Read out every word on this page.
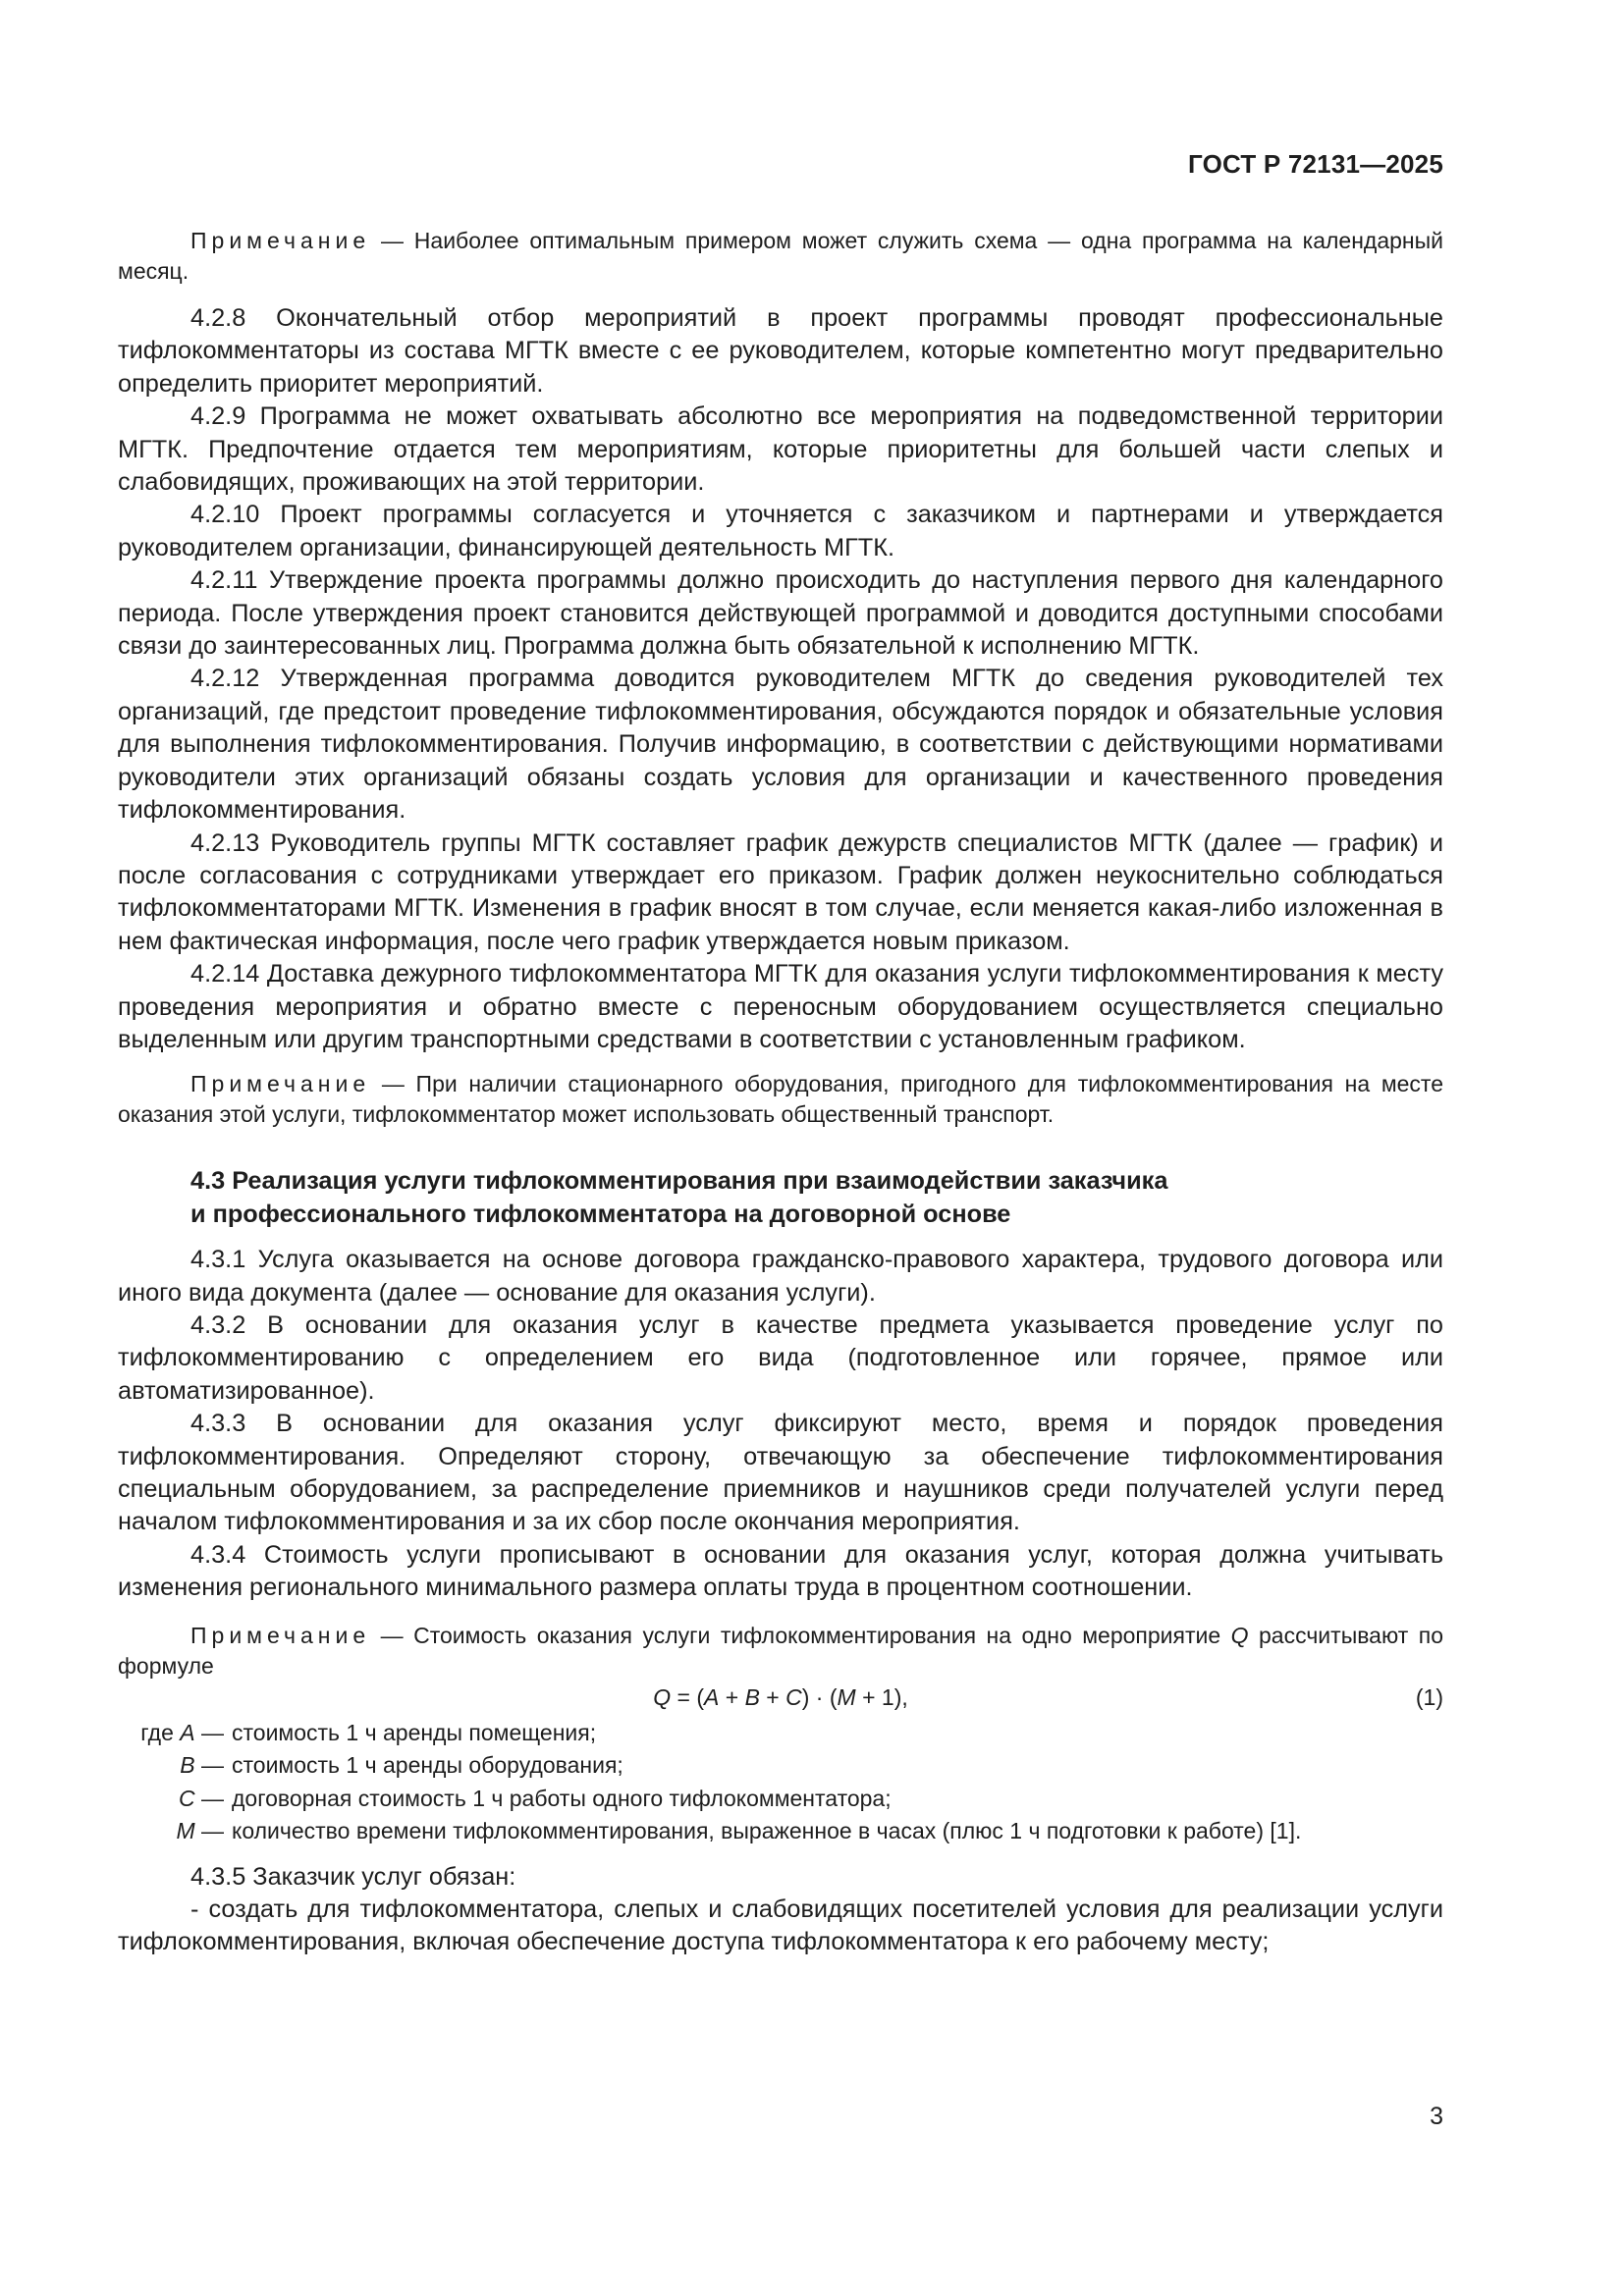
ГОСТ Р 72131—2025

Примечание — Наиболее оптимальным примером может служить схема — одна программа на календарный месяц.

4.2.8 Окончательный отбор мероприятий в проект программы проводят профессиональные тифлокомментаторы из состава МГТК вместе с ее руководителем, которые компетентно могут предварительно определить приоритет мероприятий.

4.2.9 Программа не может охватывать абсолютно все мероприятия на подведомственной территории МГТК. Предпочтение отдается тем мероприятиям, которые приоритетны для большей части слепых и слабовидящих, проживающих на этой территории.

4.2.10 Проект программы согласуется и уточняется с заказчиком и партнерами и утверждается руководителем организации, финансирующей деятельность МГТК.

4.2.11 Утверждение проекта программы должно происходить до наступления первого дня календарного периода. После утверждения проект становится действующей программой и доводится доступными способами связи до заинтересованных лиц. Программа должна быть обязательной к исполнению МГТК.

4.2.12 Утвержденная программа доводится руководителем МГТК до сведения руководителей тех организаций, где предстоит проведение тифлокомментирования, обсуждаются порядок и обязательные условия для выполнения тифлокомментирования. Получив информацию, в соответствии с действующими нормативами руководители этих организаций обязаны создать условия для организации и качественного проведения тифлокомментирования.

4.2.13 Руководитель группы МГТК составляет график дежурств специалистов МГТК (далее — график) и после согласования с сотрудниками утверждает его приказом. График должен неукоснительно соблюдаться тифлокомментаторами МГТК. Изменения в график вносят в том случае, если меняется какая-либо изложенная в нем фактическая информация, после чего график утверждается новым приказом.

4.2.14 Доставка дежурного тифлокомментатора МГТК для оказания услуги тифлокомментирования к месту проведения мероприятия и обратно вместе с переносным оборудованием осуществляется специально выделенным или другим транспортными средствами в соответствии с установленным графиком.

Примечание — При наличии стационарного оборудования, пригодного для тифлокомментирования на месте оказания этой услуги, тифлокомментатор может использовать общественный транспорт.

4.3 Реализация услуги тифлокомментирования при взаимодействии заказчика

и профессионального тифлокомментатора на договорной основе

4.3.1 Услуга оказывается на основе договора гражданско-правового характера, трудового договора или иного вида документа (далее — основание для оказания услуги).

4.3.2 В основании для оказания услуг в качестве предмета указывается проведение услуг по тифлокомментированию с определением его вида (подготовленное или горячее, прямое или автоматизированное).

4.3.3 В основании для оказания услуг фиксируют место, время и порядок проведения тифлокомментирования. Определяют сторону, отвечающую за обеспечение тифлокомментирования специальным оборудованием, за распределение приемников и наушников среди получателей услуги перед началом тифлокомментирования и за их сбор после окончания мероприятия.

4.3.4 Стоимость услуги прописывают в основании для оказания услуг, которая должна учитывать изменения регионального минимального размера оплаты труда в процентном соотношении.

Примечание — Стоимость оказания услуги тифлокомментирования на одно мероприятие Q рассчитывают по формуле

Q = (A + B + C) · (M + 1),	(1)
где A — стоимость 1 ч аренды помещения;
B — стоимость 1 ч аренды оборудования;
C — договорная стоимость 1 ч работы одного тифлокомментатора;
M — количество времени тифлокомментирования, выраженное в часах (плюс 1 ч подготовки к работе) [1].

4.3.5 Заказчик услуг обязан:

- создать для тифлокомментатора, слепых и слабовидящих посетителей условия для реализации услуги тифлокомментирования, включая обеспечение доступа тифлокомментатора к его рабочему месту;

3
